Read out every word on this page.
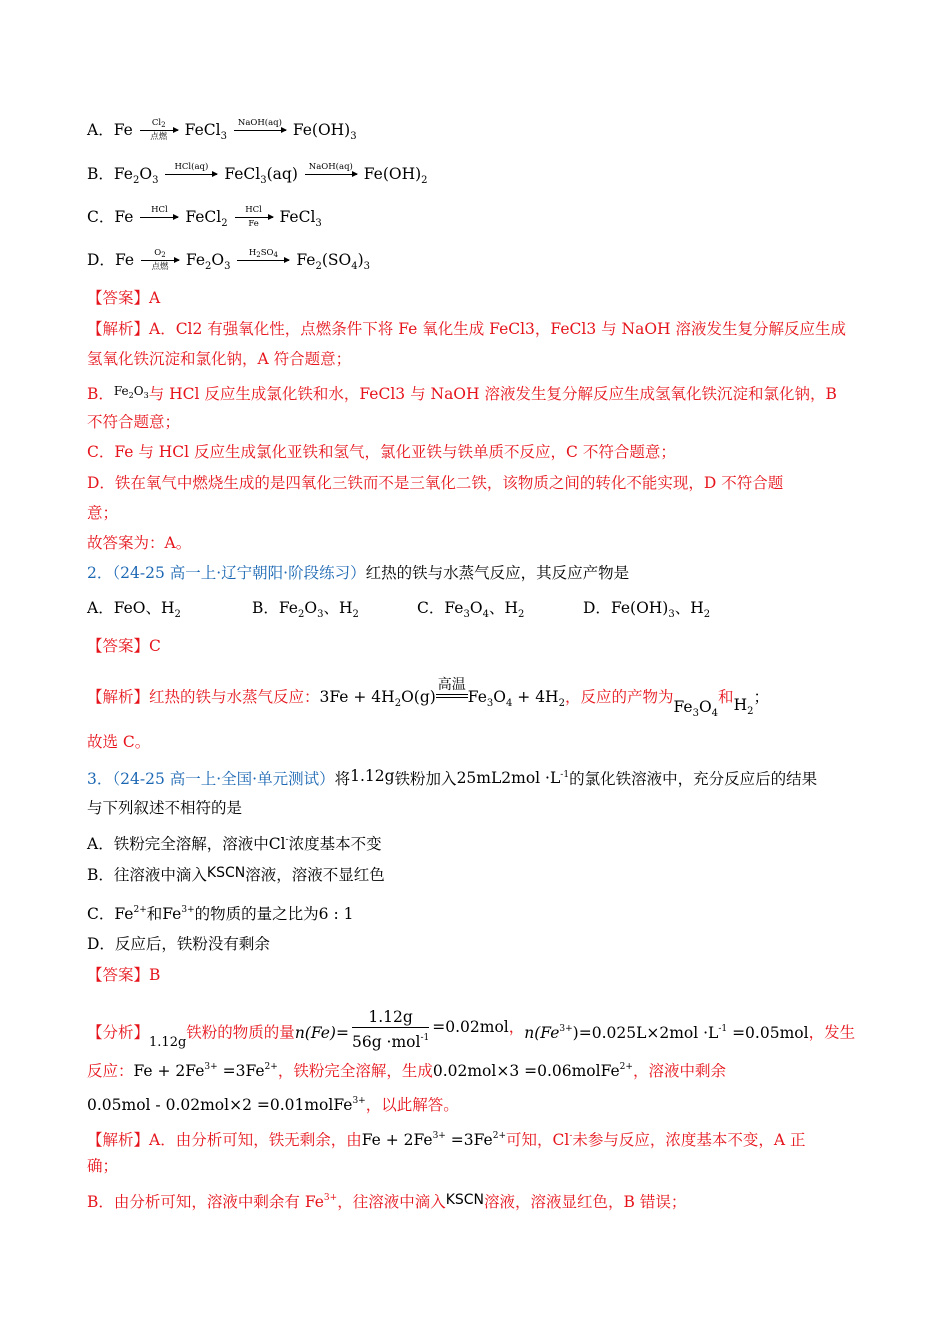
A．Fe	$Cl_2$
点燃	FeCl$_3$
NaOH(aq) $Fe(OH)_3$
B．$Fe_2O_3$
HCl(aq)	FeCl$_3$(aq)	NaOH(aq) $Fe(OH)_2$
C．Fe	HCl	FeCl$_2$
HCl
Fe	FeCl$_3$
D．Fe	$O_2$
点燃	$Fe_2O_3$
$H_2SO_4$	$Fe_2(SO_4)_3$
【答案】A
【解析】A．Cl2 有强氧化性，点燃条件下将 Fe 氧化生成 FeCl3，FeCl3 与 NaOH 溶液发生复分解反应生成
氢氧化铁沉淀和氯化钠，A 符合题意；
B．$^{Fe}2^O3$与 HCl 反应生成氯化铁和水，FeCl3 与 NaOH 溶液发生复分解反应生成氢氧化铁沉淀和氯化钠，B
不符合题意；
C．Fe 与 HCl 反应生成氯化亚铁和氢气，氯化亚铁与铁单质不反应，C 不符合题意；
D．铁在氧气中燃烧生成的是四氧化三铁而不是三氧化二铁，该物质之间的转化不能实现，D 不符合题
意；
故答案为：A。
2．（24-25 高一上·辽宁朝阳·阶段练习）红热的铁与水蒸气反应，其反应产物是
A．FeO、$H_2$	B．$Fe_2O_3$、$H_2$	C．$Fe_3O_4$、$H_2$	D．$Fe(OH)_3$、$H_2$
【答案】C
【解析】红热的铁与水蒸气反应：$3Fe + 4H_2O(g)$
高温
$Fe_3O_4 + 4H_2$，反应的产物为$Fe_3O_4$和$H_2$；
故选 C。
3．（24-25 高一上·全国·单元测试）将1.12g铁粉加入$25mL2mol \cdot L^{-1}$的氯化铁溶液中，充分反应后的结果
与下列叙述不相符的是
A．铁粉完全溶解，溶液中Cl-浓度基本不变
B．往溶液中滴入KSCN溶液，溶液不显红色
C．$Fe^{2+}$和$Fe^{3+}$的物质的量之比为6 : 1
D．反应后，铁粉没有剩余
【答案】B
【分析】$_{1.12g}$铁粉的物质的量$n(Fe)= \frac{1.12g}{56g \cdot mol^{-1}} =0.02mol$，$n(Fe^{3+})=0.025L\times 2mol \cdot L^{-1} =0.05mol$，发生
反应：$Fe + 2Fe^{3+} =3Fe^{2+}$，铁粉完全溶解，生成0.02mol×3 =0.06molFe$^{2+}$，溶液中剩余
0.05mol - 0.02mol×2 =0.01molFe$^{3+}$，以此解答。
【解析】A．由分析可知，铁无剩余，由$Fe + 2Fe^{3+} =3Fe^{2+}$可知，Cl-未参与反应，浓度基本不变，A 正
确；
B．由分析可知，溶液中剩余有 $Fe^{3+}$，往溶液中滴入KSCN溶液，溶液显红色，B 错误；
